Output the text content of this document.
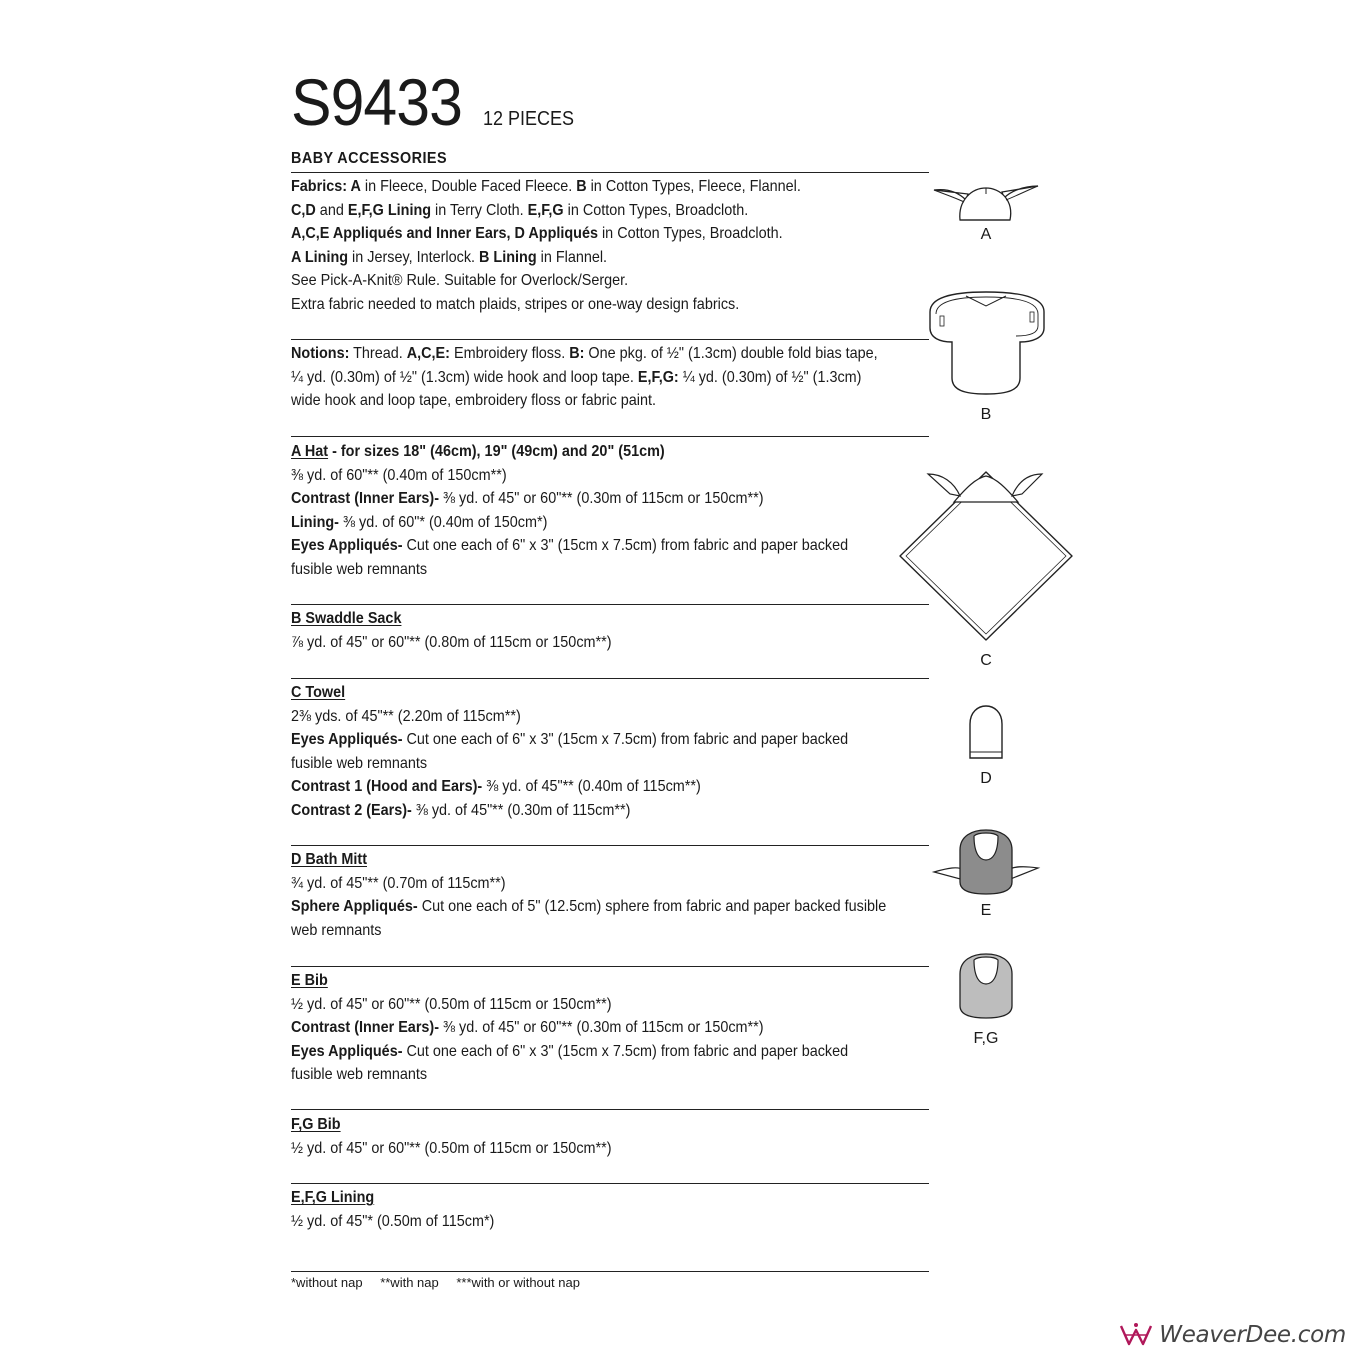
S9433 12 PIECES
BABY ACCESSORIES
Fabrics: A in Fleece, Double Faced Fleece. B in Cotton Types, Fleece, Flannel.
C,D and E,F,G Lining in Terry Cloth. E,F,G in Cotton Types, Broadcloth.
A,C,E Appliqués and Inner Ears, D Appliqués in Cotton Types, Broadcloth.
A Lining in Jersey, Interlock. B Lining in Flannel.
See Pick-A-Knit® Rule. Suitable for Overlock/Serger.
Extra fabric needed to match plaids, stripes or one-way design fabrics.
Notions: Thread. A,C,E: Embroidery floss. B: One pkg. of ½" (1.3cm) double fold bias tape,
¼ yd. (0.30m) of ½" (1.3cm) wide hook and loop tape. E,F,G: ¼ yd. (0.30m) of ½" (1.3cm)
wide hook and loop tape, embroidery floss or fabric paint.
A Hat - for sizes 18" (46cm), 19" (49cm) and 20" (51cm)
⅜ yd. of 60"** (0.40m of 150cm**)
Contrast (Inner Ears)- ⅜ yd. of 45" or 60"** (0.30m of 115cm or 150cm**)
Lining- ⅜ yd. of 60"* (0.40m of 150cm*)
Eyes Appliqués- Cut one each of 6" x 3" (15cm x 7.5cm) from fabric and paper backed
fusible web remnants
B Swaddle Sack
⅞ yd. of 45" or 60"** (0.80m of 115cm or 150cm**)
C Towel
2⅜ yds. of 45"** (2.20m of 115cm**)
Eyes Appliqués- Cut one each of 6" x 3" (15cm x 7.5cm) from fabric and paper backed
fusible web remnants
Contrast 1 (Hood and Ears)- ⅜ yd. of 45"** (0.40m of 115cm**)
Contrast 2 (Ears)- ⅜ yd. of 45"** (0.30m of 115cm**)
D Bath Mitt
¾ yd. of 45"** (0.70m of 115cm**)
Sphere Appliqués- Cut one each of 5" (12.5cm) sphere from fabric and paper backed fusible
web remnants
E Bib
½ yd. of 45" or 60"** (0.50m of 115cm or 150cm**)
Contrast (Inner Ears)- ⅜ yd. of 45" or 60"** (0.30m of 115cm or 150cm**)
Eyes Appliqués- Cut one each of 6" x 3" (15cm x 7.5cm) from fabric and paper backed
fusible web remnants
F,G Bib
½ yd. of 45" or 60"** (0.50m of 115cm or 150cm**)
E,F,G Lining
½ yd. of 45"* (0.50m of 115cm*)
*without nap **with nap ***with or without nap
A
B
C
D
E
F,G
WeaverDee.com
